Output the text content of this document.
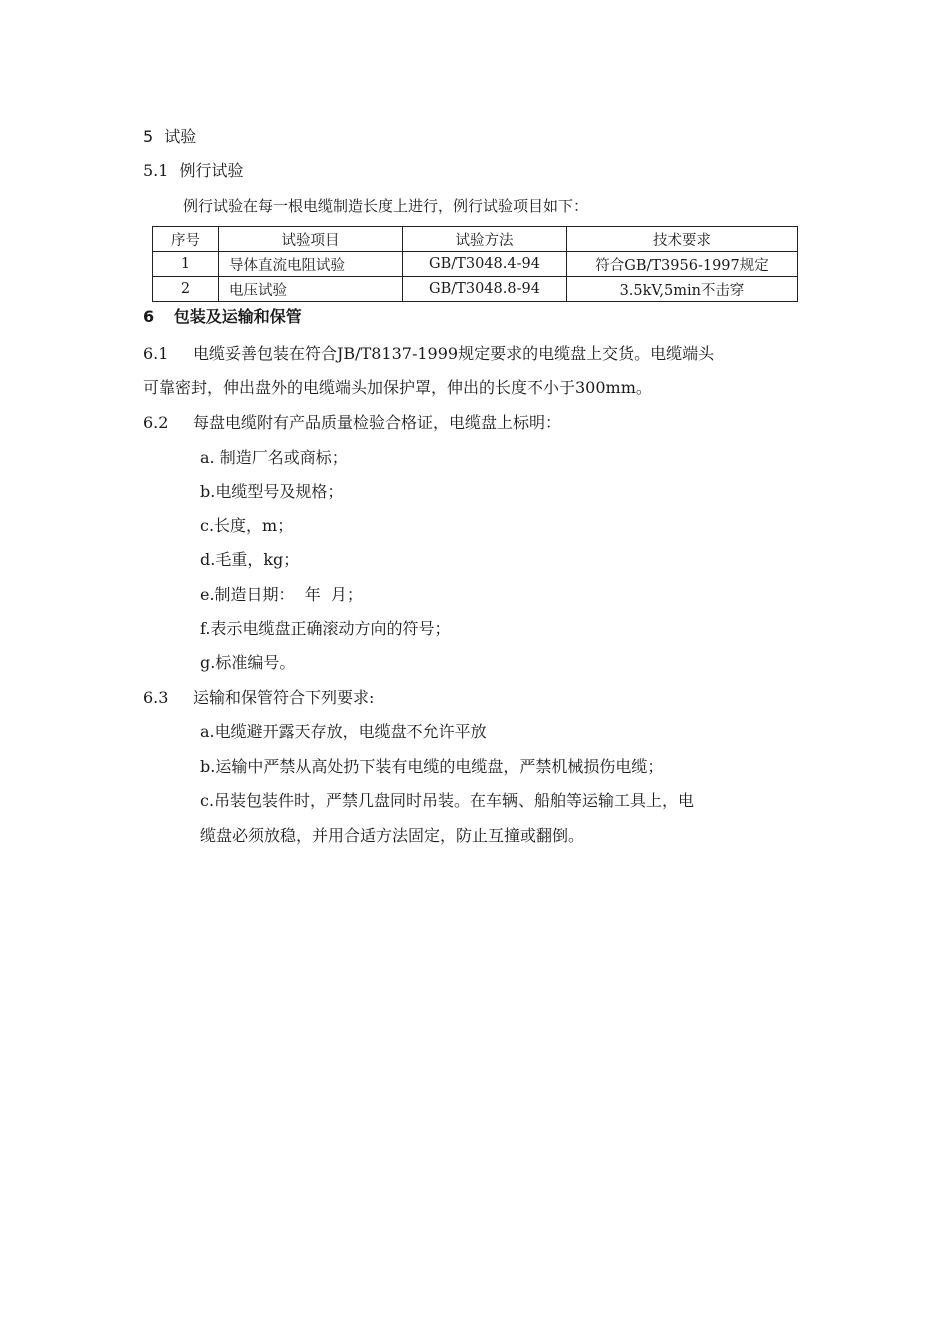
5 试验
5.1 例行试验
例行试验在每一根电缆制造长度上进行，例行试验项目如下：
序号	试验项目	试验方法	技术要求
1	导体直流电阻试验	GB/T3048.4-94	符合GB/T3956-1997规定
2	电压试验	GB/T3048.8-94	3.5kV,5min不击穿
6 包装及运输和保管
6.1 电缆妥善包装在符合JB/T8137-1999规定要求的电缆盘上交货。电缆端头
可靠密封，伸出盘外的电缆端头加保护罩，伸出的长度不小于300mm。
6.2 每盘电缆附有产品质量检验合格证，电缆盘上标明：
a. 制造厂名或商标；
b.电缆型号及规格；
c.长度，m；
d.毛重，kg；
e.制造日期：  年  月；
f.表示电缆盘正确滚动方向的符号；
g.标准编号。
6.3 运输和保管符合下列要求:
a.电缆避开露天存放，电缆盘不允许平放
b.运输中严禁从高处扔下装有电缆的电缆盘，严禁机械损伤电缆；
c.吊装包装件时，严禁几盘同时吊装。在车辆、船舶等运输工具上，电
缆盘必须放稳，并用合适方法固定，防止互撞或翻倒。
